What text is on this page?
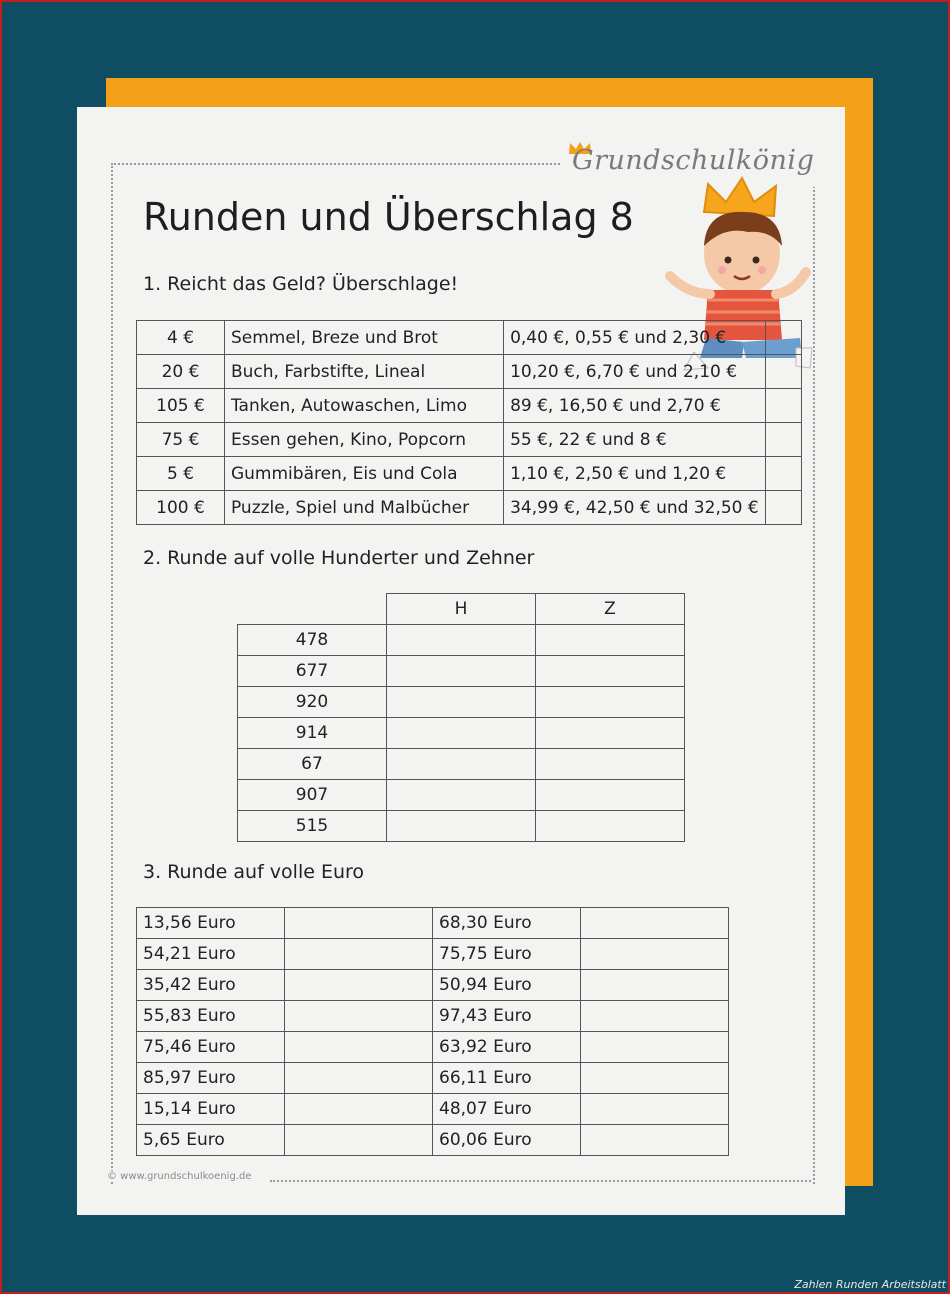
Grundschulkönig
Runden und Überschlag 8
1. Reicht das Geld? Überschlage!
4 €	Semmel, Breze und Brot	0,40 €, 0,55 € und 2,30 €	
20 €	Buch, Farbstifte, Lineal	10,20 €, 6,70 € und 2,10 €	
105 €	Tanken, Autowaschen, Limo	89 €, 16,50 € und 2,70 €	
75 €	Essen gehen, Kino, Popcorn	55 €, 22 € und 8 €	
5 €	Gummibären, Eis und Cola	1,10 €, 2,50 € und 1,20 €	
100 €	Puzzle, Spiel und Malbücher	34,99 €, 42,50 € und 32,50 €	
2. Runde auf volle Hunderter und Zehner
	H	Z
478		
677		
920		
914		
67		
907		
515		
3. Runde auf volle Euro
13,56 Euro		68,30 Euro	
54,21 Euro		75,75 Euro	
35,42 Euro		50,94 Euro	
55,83 Euro		97,43 Euro	
75,46 Euro		63,92 Euro	
85,97 Euro		66,11 Euro	
15,14 Euro		48,07 Euro	
5,65 Euro		60,06 Euro	
© www.grundschulkoenig.de
Zahlen Runden Arbeitsblatt
